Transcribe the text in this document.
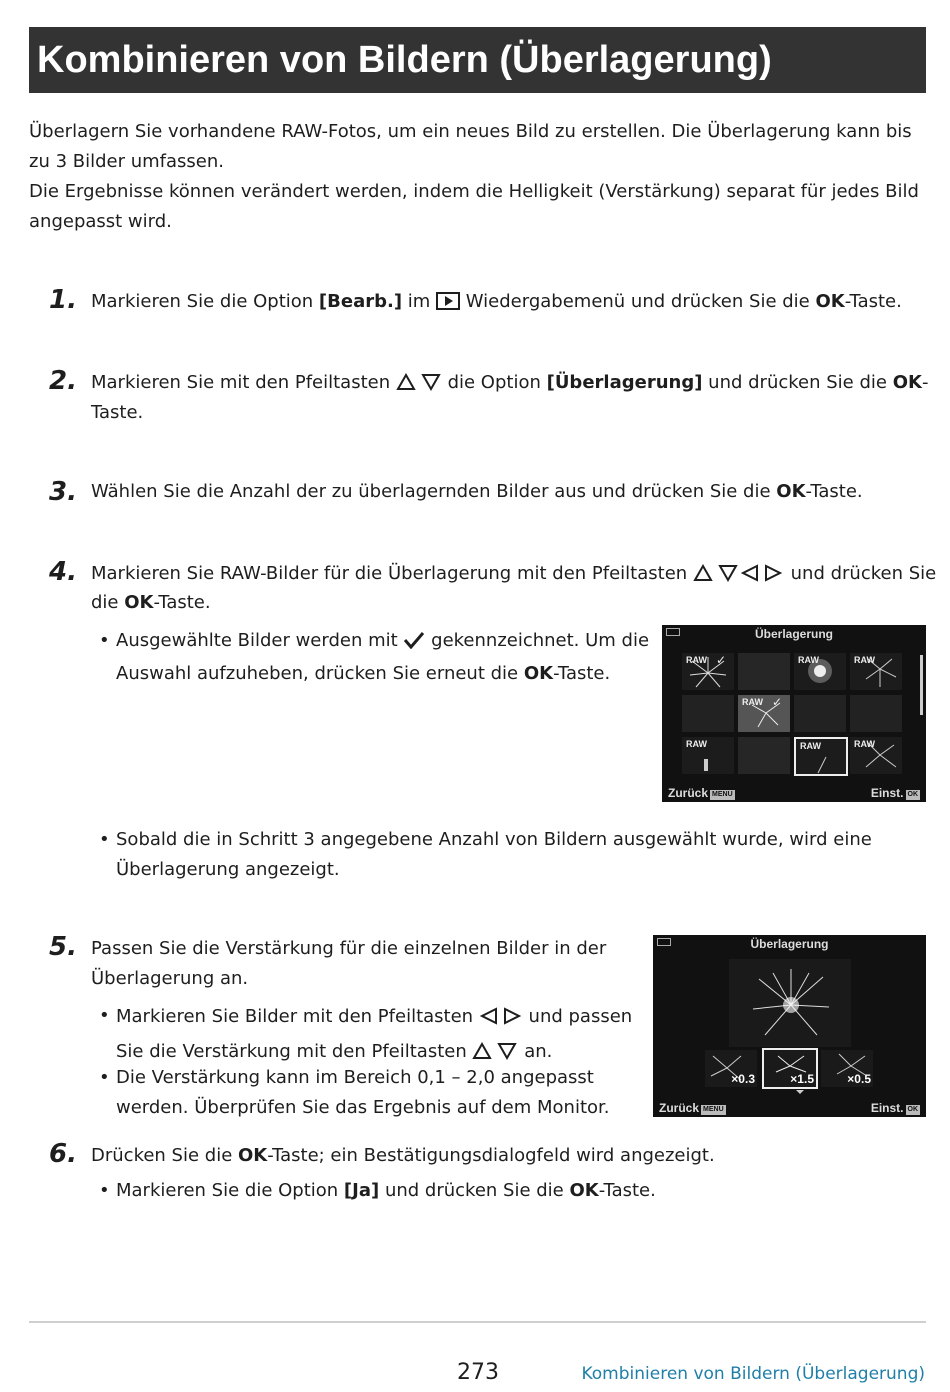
Kombinieren von Bildern (Überlagerung)

Überlagern Sie vorhandene RAW-Fotos, um ein neues Bild zu erstellen. Die Überlagerung kann bis zu 3 Bilder umfassen.

Die Ergebnisse können verändert werden, indem die Helligkeit (Verstärkung) separat für jedes Bild angepasst wird.

1. Markieren Sie die Option [Bearb.] im  Wiedergabemenü und drücken Sie die OK-Taste.
2. Markieren Sie mit den Pfeiltasten	die Option [Überlagerung] und drücken Sie die OK-
Taste.
3. Wählen Sie die Anzahl der zu überlagernden Bilder aus und drücken Sie die OK-Taste.
4. Markieren Sie RAW-Bilder für die Überlagerung mit den Pfeiltasten	und drücken Sie
die OK-Taste.
• Ausgewählte Bilder werden mit  gekennzeichnet. Um die
Auswahl aufzuheben, drücken Sie erneut die OK-Taste.
Überlagerung
RAW ✓	RAW	RAW
RAW ✓
RAW	RAW	RAW
Zurück MENU	Einst. OK
• Sobald die in Schritt 3 angegebene Anzahl von Bildern ausgewählt wurde, wird eine
Überlagerung angezeigt.
5. Passen Sie die Verstärkung für die einzelnen Bilder in der
Überlagerung an.
• Markieren Sie Bilder mit den Pfeiltasten  und passen
Sie die Verstärkung mit den Pfeiltasten	an.
• Die Verstärkung kann im Bereich 0,1 – 2,0 angepasst
werden. Überprüfen Sie das Ergebnis auf dem Monitor.
Überlagerung
×0.3	×1.5	×0.5
Zurück MENU	Einst. OK
6. Drücken Sie die OK-Taste; ein Bestätigungsdialogfeld wird angezeigt.
• Markieren Sie die Option [Ja] und drücken Sie die OK-Taste.
273	Kombinieren von Bildern (Überlagerung)
